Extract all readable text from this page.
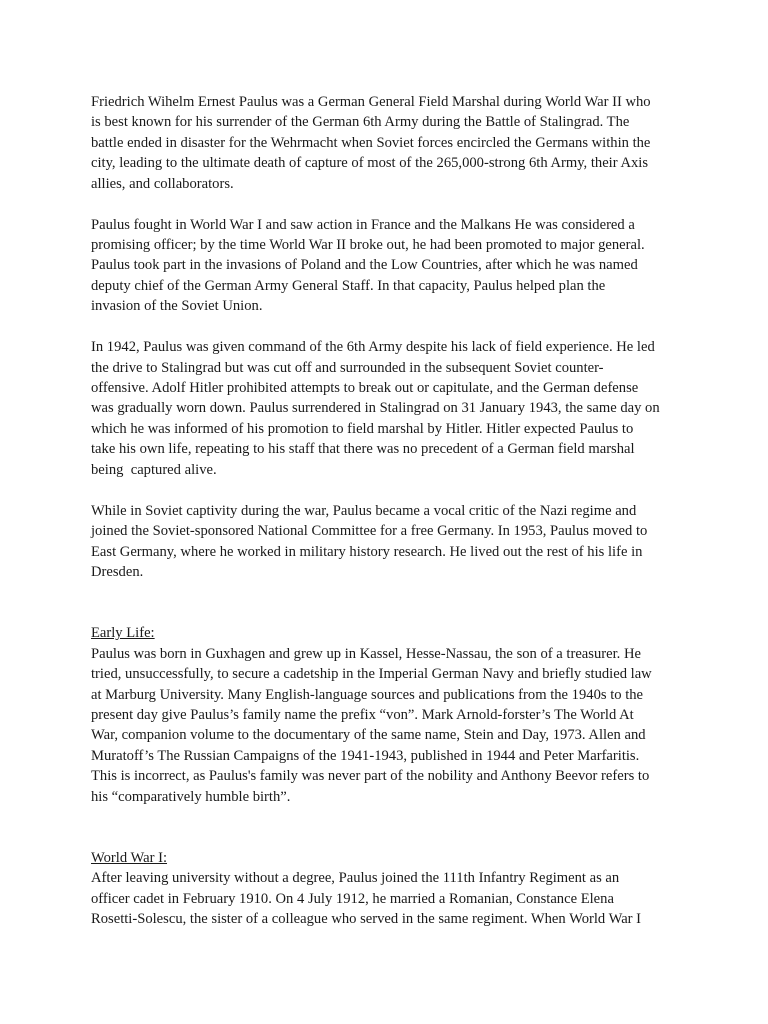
Friedrich Wihelm Ernest Paulus was a German General Field Marshal during World War II who
is best known for his surrender of the German 6th Army during the Battle of Stalingrad. The
battle ended in disaster for the Wehrmacht when Soviet forces encircled the Germans within the
city, leading to the ultimate death of capture of most of the 265,000-strong 6th Army, their Axis
allies, and collaborators.

Paulus fought in World War I and saw action in France and the Malkans He was considered a
promising officer; by the time World War II broke out, he had been promoted to major general.
Paulus took part in the invasions of Poland and the Low Countries, after which he was named
deputy chief of the German Army General Staff. In that capacity, Paulus helped plan the
invasion of the Soviet Union.

In 1942, Paulus was given command of the 6th Army despite his lack of field experience. He led
the drive to Stalingrad but was cut off and surrounded in the subsequent Soviet counter-
offensive. Adolf Hitler prohibited attempts to break out or capitulate, and the German defense
was gradually worn down. Paulus surrendered in Stalingrad on 31 January 1943, the same day on
which he was informed of his promotion to field marshal by Hitler. Hitler expected Paulus to
take his own life, repeating to his staff that there was no precedent of a German field marshal
being  captured alive.

While in Soviet captivity during the war, Paulus became a vocal critic of the Nazi regime and
joined the Soviet-sponsored National Committee for a free Germany. In 1953, Paulus moved to
East Germany, where he worked in military history research. He lived out the rest of his life in
Dresden.

Early Life:

Paulus was born in Guxhagen and grew up in Kassel, Hesse-Nassau, the son of a treasurer. He
tried, unsuccessfully, to secure a cadetship in the Imperial German Navy and briefly studied law
at Marburg University. Many English-language sources and publications from the 1940s to the
present day give Paulus’s family name the prefix “von”. Mark Arnold-forster’s The World At
War, companion volume to the documentary of the same name, Stein and Day, 1973. Allen and
Muratoff’s The Russian Campaigns of the 1941-1943, published in 1944 and Peter Marfaritis.
This is incorrect, as Paulus's family was never part of the nobility and Anthony Beevor refers to
his “comparatively humble birth”.

World War I:

After leaving university without a degree, Paulus joined the 111th Infantry Regiment as an
officer cadet in February 1910. On 4 July 1912, he married a Romanian, Constance Elena
Rosetti-Solescu, the sister of a colleague who served in the same regiment. When World War I
